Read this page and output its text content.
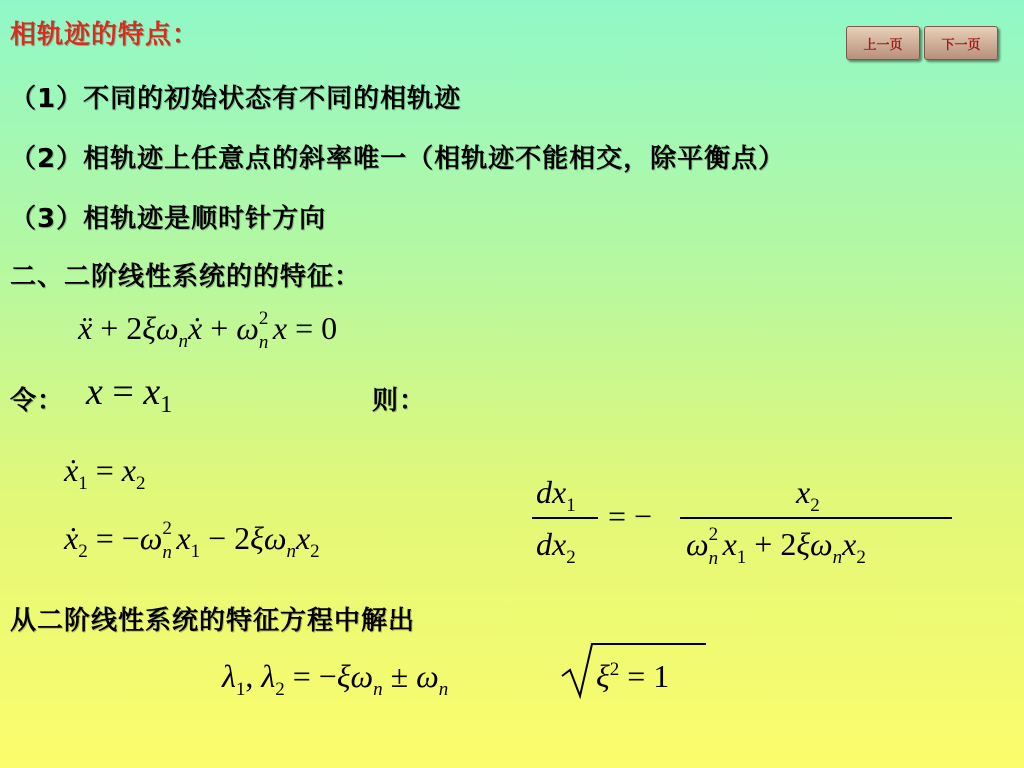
相轨迹的特点：	上一页	下一页
（1）不同的初始状态有不同的相轨迹
（2）相轨迹上任意点的斜率唯一（相轨迹不能相交，除平衡点）
（3）相轨迹是顺时针方向
二、二阶线性系统的的特征：
ẍ + $2\xi\omega_nẋ + \omega$ 2
n x = 0
令： $x = x_1$	则：
ẋ$_1$ = $x_2$
ẋ$_2$ = −ω 2
n $x_1 - 2\xi\omega_nx_2$
$dx_1$
$dx_2$
= −
$x_2$
ω 2
n $x_1 + 2\xi\omega_nx_2$
从二阶线性系统的特征方程中解出
$\lambda_1$, $\lambda_2 = -\xi\omega_n \pm \omega_n$	$\xi^2 = 1$
